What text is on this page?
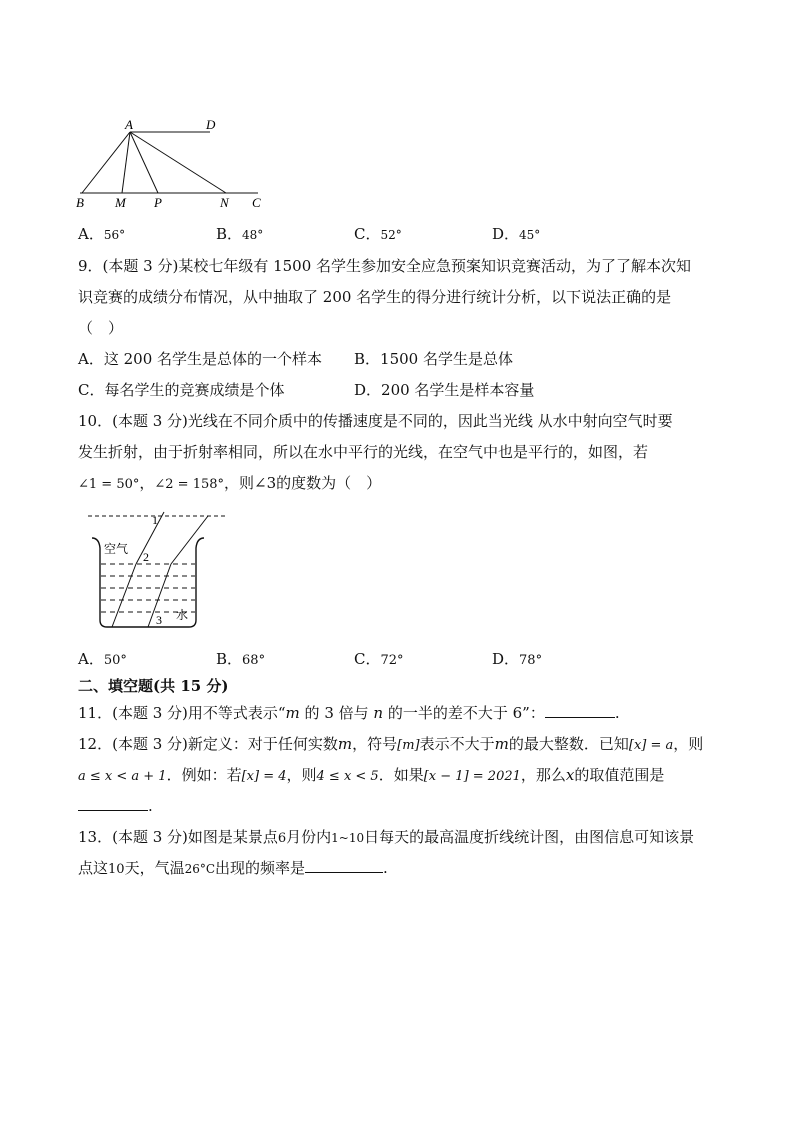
A	D
B M P	N C
A．56°	B．48°	C．52°	D．45°
9．(本题 3 分)某校七年级有 1500 名学生参加安全应急预案知识竞赛活动，为了了解本次知
识竞赛的成绩分布情况，从中抽取了 200 名学生的得分进行统计分析，以下说法正确的是
（　）
A．这 200 名学生是总体的一个样本 B．1500 名学生是总体
C．每名学生的竞赛成绩是个体	D．200 名学生是样本容量
10．(本题 3 分)光线在不同介质中的传播速度是不同的，因此当光线 从水中射向空气时要
发生折射，由于折射率相同，所以在水中平行的光线，在空气中也是平行的，如图，若
∠1 = 50°，∠2 = 158°，则∠3的度数为（　）
空气
水
1
2
3
A．50°	B．68°	C．72°	D．78°
二、填空题(共 15 分)
11．(本题 3 分)用不等式表示“m 的 3 倍与 n 的一半的差不大于 6”：	.
12．(本题 3 分)新定义：对于任何实数m，符号[m]表示不大于m的最大整数．已知[x] = a，则
a ≤ x < a + 1．例如：若[x] = 4，则4 ≤ x < 5．如果[x − 1] = 2021，那么x的取值范围是
.
13．(本题 3 分)如图是某景点6月份内1~10日每天的最高温度折线统计图，由图信息可知该景
点这10天，气温26°C出现的频率是	.
